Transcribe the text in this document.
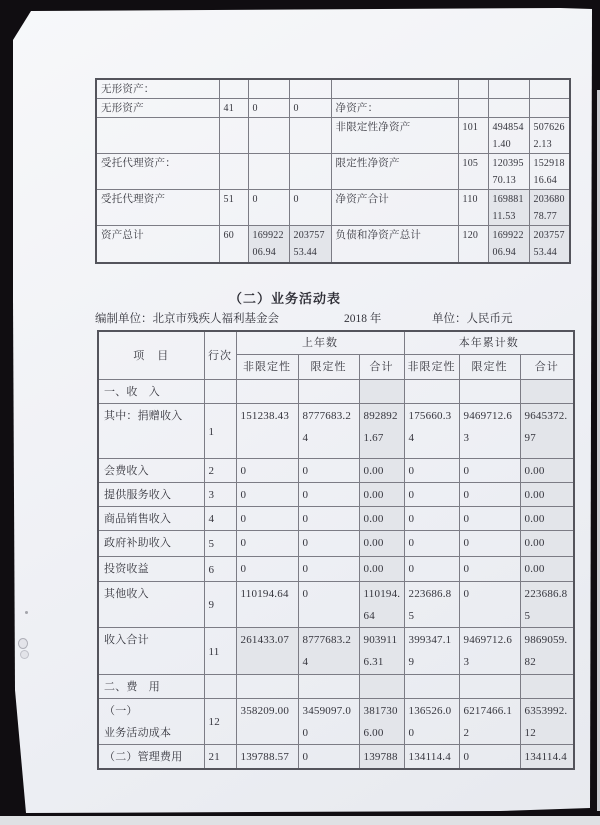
无形资产：							
无形资产	41	0	0	净资产：			
				非限定性净资产	101	4948541.40	5076262.13
受托代理资产：				限定性净资产	105	12039570.13	15291816.64
受托代理资产	51	0	0	净资产合计	110	16988111.53	20368078.77
资产总计	60	16992206.94	20375753.44	负债和净资产总计	120	16992206.94	20375753.44
（二）业务活动表
编制单位：北京市残疾人福利基金会	2018 年	单位：人民币元
项　目	行次	上年数			本年累计数		
		非限定性	限定性	合计	非限定性	限定性	合计
一、收　入							
其中：捐赠收入	1	151238.43	8777683.24	8928921.67	175660.34	9469712.63	9645372.97
会费收入	2	0	0	0.00	0	0	0.00
提供服务收入	3	0	0	0.00	0	0	0.00
商品销售收入	4	0	0	0.00	0	0	0.00
政府补助收入	5	0	0	0.00	0	0	0.00
投资收益	6	0	0	0.00	0	0	0.00
其他收入	9	110194.64	0	110194.64	223686.85	0	223686.85
收入合计	11	261433.07	8777683.24	9039116.31	399347.19	9469712.63	9869059.82
二、费　用							
（一）业务活动成本	12	358209.00	3459097.00	3817306.00	136526.00	6217466.12	6353992.12
（二）管理费用	21	139788.57	0	139788	134114.4	0	134114.4
